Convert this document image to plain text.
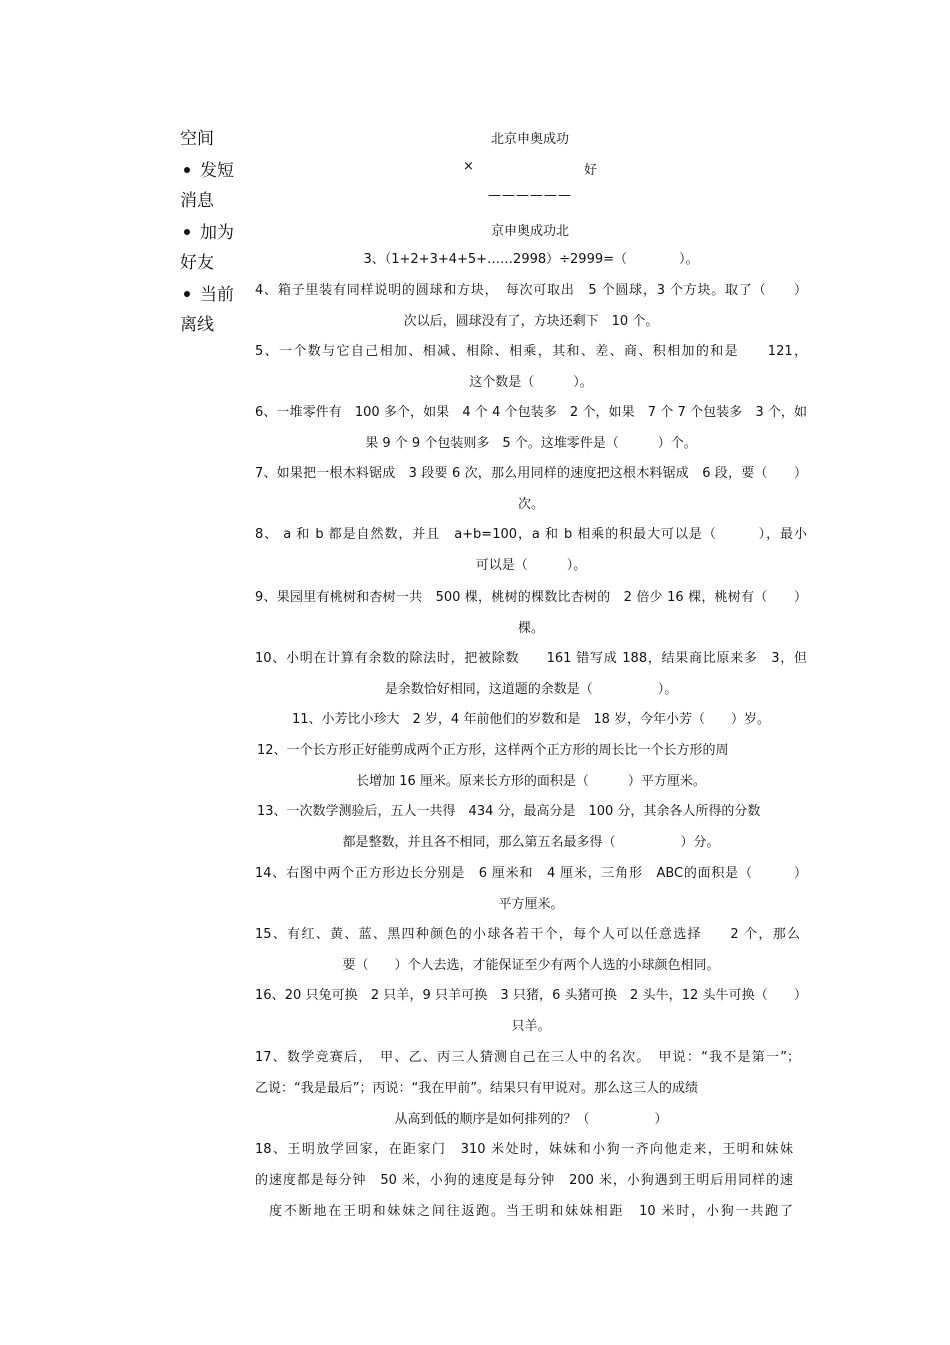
空间
发短
消息
加为
好友
当前
离线
北京申奥成功
×	好
——————
京申奥成功北
3、（1+2+3+4+5+……2998）÷2999=（　　　　）。
4、箱子里装有同样说明的圆球和方块，　每次可取出　5 个圆球，3 个方块。取了（　　）
次以后，圆球没有了，方块还剩下　10 个。
5、一个数与它自己相加、相减、相除、相乘，其和、差、商、积相加的和是　　121，
这个数是（　　　）。
6、一堆零件有　100 多个，如果　4 个 4 个包装多　2 个，如果　7 个 7 个包装多　3 个，如
果 9 个 9 个包装则多　5 个。这堆零件是（　　　）个。
7、如果把一根木料锯成　3 段要 6 次，那么用同样的速度把这根木料锯成　6 段，要（　　）
次。
8、 a 和 b 都是自然数，并且　a+b=100，a 和 b 相乘的积最大可以是（　　　），最小
可以是（　　　）。
9、果园里有桃树和杏树一共　500 棵，桃树的棵数比杏树的　2 倍少 16 棵，桃树有（　　）
棵。
10、小明在计算有余数的除法时，把被除数　　161 错写成 188，结果商比原来多　3，但
是余数恰好相同，这道题的余数是（　　　　　）。
11、小芳比小珍大　2 岁，4 年前他们的岁数和是　18 岁，今年小芳（　　）岁。
12、一个长方形正好能剪成两个正方形，这样两个正方形的周长比一个长方形的周
长增加 16 厘米。原来长方形的面积是（　　　）平方厘米。
13、一次数学测验后，五人一共得　434 分，最高分是　100 分，其余各人所得的分数
都是整数，并且各不相同，那么第五名最多得（　　　　　）分。
14、右图中两个正方形边长分别是　6 厘米和　4 厘米，三角形　ABC的面积是（　　　）
平方厘米。
15、有红、黄、蓝、黑四种颜色的小球各若干个，每个人可以任意选择　　2 个，那么
要（　　）个人去选，才能保证至少有两个人选的小球颜色相同。
16、20 只兔可换　2 只羊，9 只羊可换　3 只猪，6 头猪可换　2 头牛，12 头牛可换（　　）
只羊。
17、数学竞赛后，　甲、乙、丙三人猜测自己在三人中的名次。　甲说：“我不是第一”；
乙说：“我是最后”；丙说：“我在甲前”。结果只有甲说对。那么这三人的成绩
从高到低的顺序是如何排列的？（　　　　　）
18、王明放学回家，在距家门　310 米处时，妹妹和小狗一齐向他走来，王明和妹妹
的速度都是每分钟　50 米，小狗的速度是每分钟　200 米，小狗遇到王明后用同样的速
度不断地在王明和妹妹之间往返跑。当王明和妹妹相距　10 米时，小狗一共跑了
